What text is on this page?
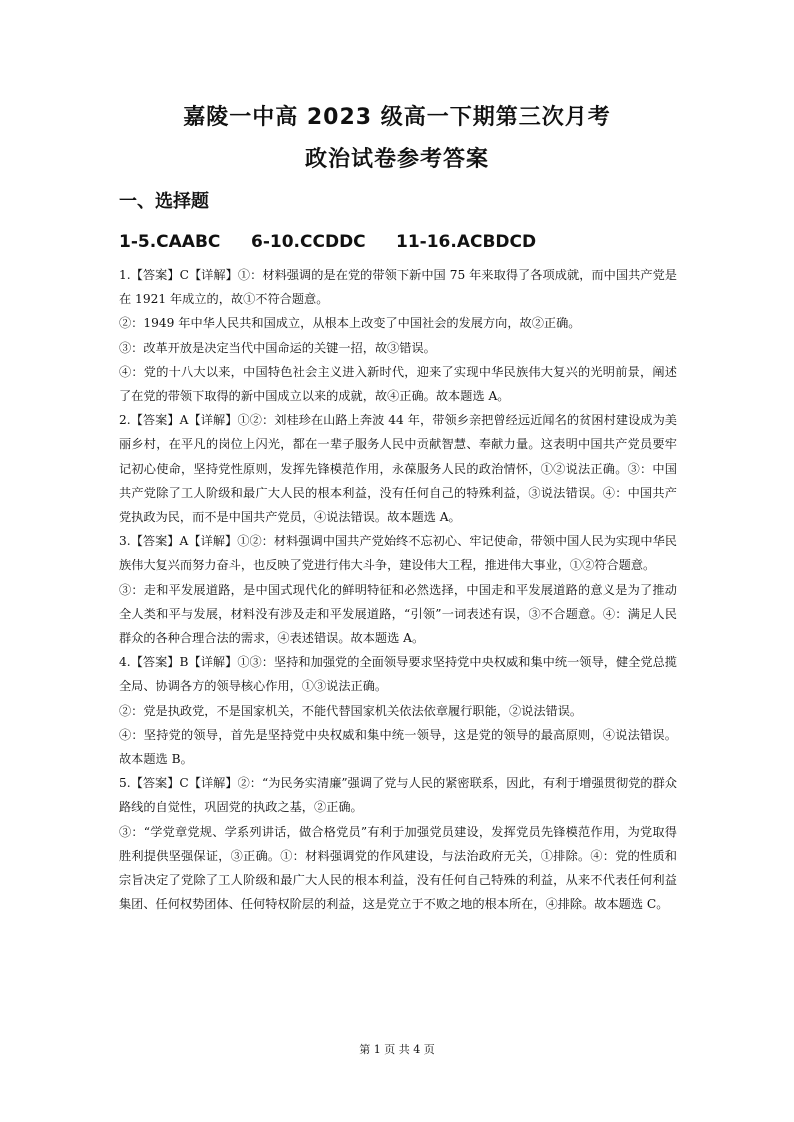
嘉陵一中高 2023 级高一下期第三次月考
政治试卷参考答案
一、选择题
1-5.CAABC 6-10.CCDDC 11-16.ACBDCD

1.【答案】C【详解】①：材料强调的是在党的带领下新中国 75 年来取得了各项成就，而中国共产党是在 1921 年成立的，故①不符合题意。

②：1949 年中华人民共和国成立，从根本上改变了中国社会的发展方向，故②正确。

③：改革开放是决定当代中国命运的关键一招，故③错误。

④：党的十八大以来，中国特色社会主义进入新时代，迎来了实现中华民族伟大复兴的光明前景，阐述了在党的带领下取得的新中国成立以来的成就，故④正确。故本题选 A。

2.【答案】A【详解】①②：刘桂珍在山路上奔波 44 年，带领乡亲把曾经远近闻名的贫困村建设成为美丽乡村，在平凡的岗位上闪光，都在一辈子服务人民中贡献智慧、奉献力量。这表明中国共产党员要牢记初心使命，坚持党性原则，发挥先锋模范作用，永葆服务人民的政治情怀，①②说法正确。③：中国共产党除了工人阶级和最广大人民的根本利益，没有任何自己的特殊利益，③说法错误。④：中国共产党执政为民，而不是中国共产党员，④说法错误。故本题选 A。

3.【答案】A【详解】①②：材料强调中国共产党始终不忘初心、牢记使命，带领中国人民为实现中华民族伟大复兴而努力奋斗，也反映了党进行伟大斗争，建设伟大工程，推进伟大事业，①②符合题意。

③：走和平发展道路，是中国式现代化的鲜明特征和必然选择，中国走和平发展道路的意义是为了推动全人类和平与发展，材料没有涉及走和平发展道路，“引领”一词表述有误，③不合题意。④：满足人民群众的各种合理合法的需求，④表述错误。故本题选 A。

4.【答案】B【详解】①③：坚持和加强党的全面领导要求坚持党中央权威和集中统一领导，健全党总揽全局、协调各方的领导核心作用，①③说法正确。

②：党是执政党，不是国家机关，不能代替国家机关依法依章履行职能，②说法错误。

④：坚持党的领导，首先是坚持党中央权威和集中统一领导，这是党的领导的最高原则，④说法错误。故本题选 B。

5.【答案】C【详解】②：“为民务实清廉”强调了党与人民的紧密联系，因此，有利于增强贯彻党的群众路线的自觉性，巩固党的执政之基，②正确。

③：“学党章党规、学系列讲话，做合格党员”有利于加强党员建设，发挥党员先锋模范作用，为党取得胜利提供坚强保证，③正确。①：材料强调党的作风建设，与法治政府无关，①排除。④：党的性质和宗旨决定了党除了工人阶级和最广大人民的根本利益，没有任何自己特殊的利益，从来不代表任何利益集团、任何权势团体、任何特权阶层的利益，这是党立于不败之地的根本所在，④排除。故本题选 C。

第 1 页 共 4 页
